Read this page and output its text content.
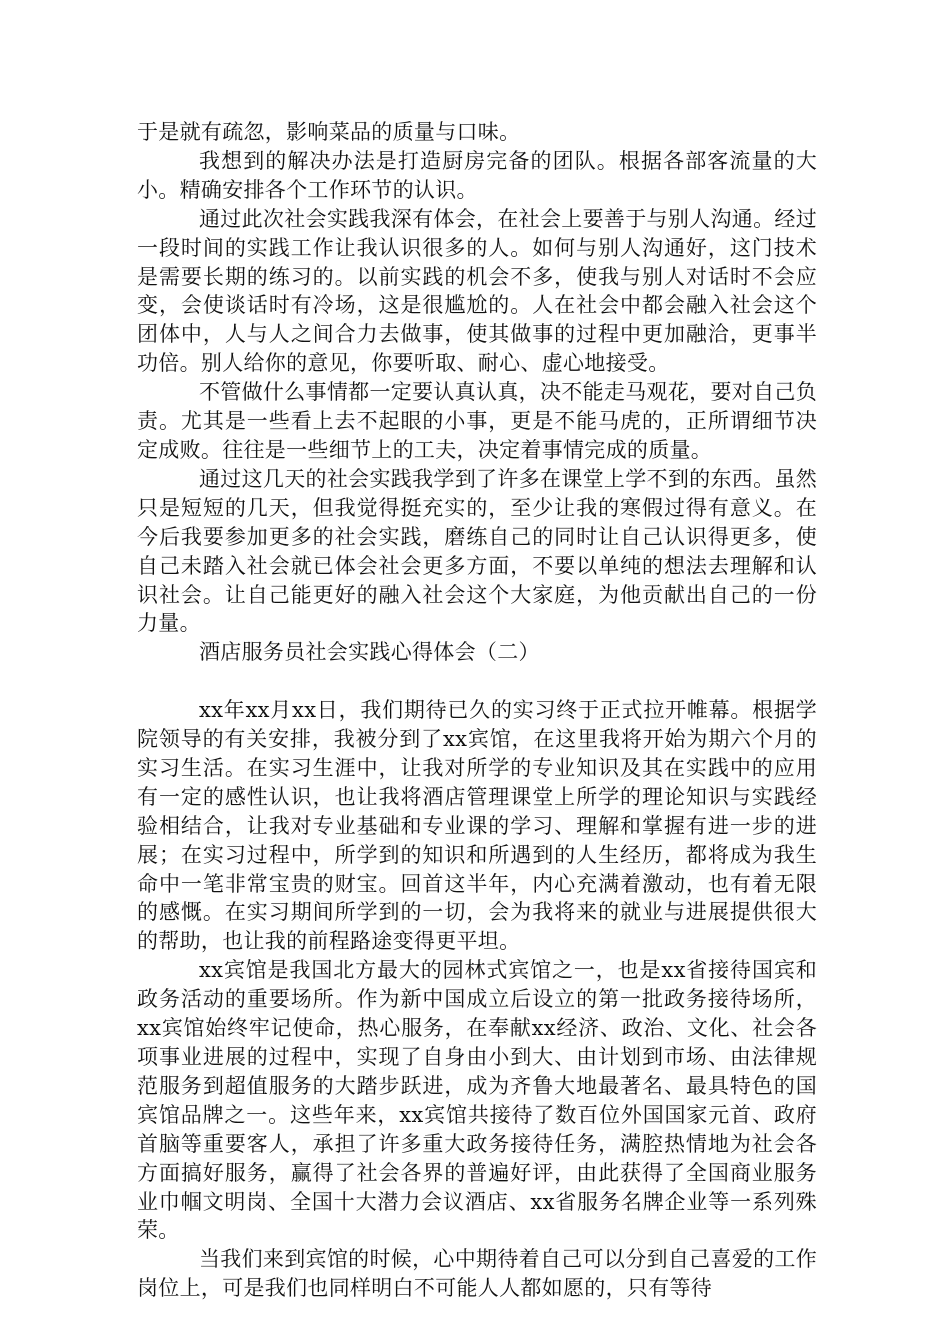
于是就有疏忽，影响菜品的质量与口味。

我想到的解决办法是打造厨房完备的团队。根据各部客流量的大小。精确安排各个工作环节的认识。

通过此次社会实践我深有体会，在社会上要善于与别人沟通。经过一段时间的实践工作让我认识很多的人。如何与别人沟通好，这门技术是需要长期的练习的。以前实践的机会不多，使我与别人对话时不会应变，会使谈话时有冷场，这是很尴尬的。人在社会中都会融入社会这个团体中，人与人之间合力去做事，使其做事的过程中更加融洽，更事半功倍。别人给你的意见，你要听取、耐心、虚心地接受。

不管做什么事情都一定要认真认真，决不能走马观花，要对自己负责。尤其是一些看上去不起眼的小事，更是不能马虎的，正所谓细节决定成败。往往是一些细节上的工夫，决定着事情完成的质量。

通过这几天的社会实践我学到了许多在课堂上学不到的东西。虽然只是短短的几天，但我觉得挺充实的，至少让我的寒假过得有意义。在今后我要参加更多的社会实践，磨练自己的同时让自己认识得更多，使自己未踏入社会就已体会社会更多方面，不要以单纯的想法去理解和认识社会。让自己能更好的融入社会这个大家庭，为他贡献出自己的一份力量。

酒店服务员社会实践心得体会（二）

xx年xx月xx日，我们期待已久的实习终于正式拉开帷幕。根据学院领导的有关安排，我被分到了xx宾馆，在这里我将开始为期六个月的实习生活。在实习生涯中，让我对所学的专业知识及其在实践中的应用有一定的感性认识，也让我将酒店管理课堂上所学的理论知识与实践经验相结合，让我对专业基础和专业课的学习、理解和掌握有进一步的进展；在实习过程中，所学到的知识和所遇到的人生经历，都将成为我生命中一笔非常宝贵的财宝。回首这半年，内心充满着激动，也有着无限的感慨。在实习期间所学到的一切，会为我将来的就业与进展提供很大的帮助，也让我的前程路途变得更平坦。

xx宾馆是我国北方最大的园林式宾馆之一，也是xx省接待国宾和政务活动的重要场所。作为新中国成立后设立的第一批政务接待场所，xx宾馆始终牢记使命，热心服务，在奉献xx经济、政治、文化、社会各项事业进展的过程中，实现了自身由小到大、由计划到市场、由法律规范服务到超值服务的大踏步跃进，成为齐鲁大地最著名、最具特色的国宾馆品牌之一。这些年来，xx宾馆共接待了数百位外国国家元首、政府首脑等重要客人，承担了许多重大政务接待任务，满腔热情地为社会各方面搞好服务，赢得了社会各界的普遍好评，由此获得了全国商业服务业巾帼文明岗、全国十大潜力会议酒店、xx省服务名牌企业等一系列殊荣。

当我们来到宾馆的时候，心中期待着自己可以分到自己喜爱的工作岗位上，可是我们也同样明白不可能人人都如愿的，只有等待
